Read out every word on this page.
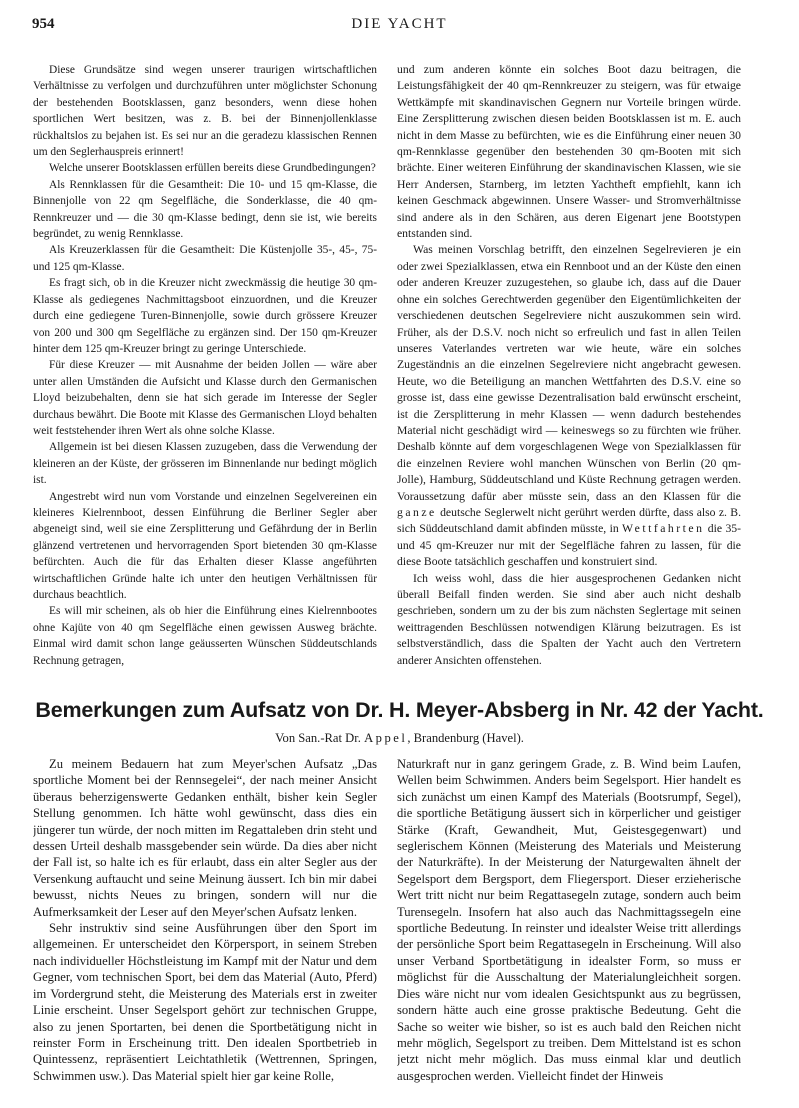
954	DIE YACHT

Diese Grundsätze sind wegen unserer traurigen wirtschaftlichen Verhältnisse zu verfolgen und durchzuführen unter möglichster Schonung der bestehenden Bootsklassen, ganz besonders, wenn diese hohen sportlichen Wert besitzen, was z. B. bei der Binnenjollenklasse rückhaltslos zu bejahen ist. Es sei nur an die geradezu klassischen Rennen um den Seglerhauspreis erinnert!

Welche unserer Bootsklassen erfüllen bereits diese Grundbedingungen?

Als Rennklassen für die Gesamtheit: Die 10- und 15 qm-Klasse, die Binnenjolle von 22 qm Segelfläche, die Sonderklasse, die 40 qm-Rennkreuzer und — die 30 qm-Klasse bedingt, denn sie ist, wie bereits begründet, zu wenig Rennklasse.

Als Kreuzerklassen für die Gesamtheit: Die Küstenjolle 35-, 45-, 75- und 125 qm-Klasse.

Es fragt sich, ob in die Kreuzer nicht zweckmässig die heutige 30 qm-Klasse als gediegenes Nachmittagsboot einzuordnen, und die Kreuzer durch eine gediegene Turen-Binnenjolle, sowie durch grössere Kreuzer von 200 und 300 qm Segelfläche zu ergänzen sind. Der 150 qm-Kreuzer hinter dem 125 qm-Kreuzer bringt zu geringe Unterschiede.

Für diese Kreuzer — mit Ausnahme der beiden Jollen — wäre aber unter allen Umständen die Aufsicht und Klasse durch den Germanischen Lloyd beizubehalten, denn sie hat sich gerade im Interesse der Segler durchaus bewährt. Die Boote mit Klasse des Germanischen Lloyd behalten weit feststehender ihren Wert als ohne solche Klasse.

Allgemein ist bei diesen Klassen zuzugeben, dass die Verwendung der kleineren an der Küste, der grösseren im Binnenlande nur bedingt möglich ist.

Angestrebt wird nun vom Vorstande und einzelnen Segelvereinen ein kleineres Kielrennboot, dessen Einführung die Berliner Segler aber abgeneigt sind, weil sie eine Zersplitterung und Gefährdung der in Berlin glänzend vertretenen und hervorragenden Sport bietenden 30 qm-Klasse befürchten. Auch die für das Erhalten dieser Klasse angeführten wirtschaftlichen Gründe halte ich unter den heutigen Verhältnissen für durchaus beachtlich.

Es will mir scheinen, als ob hier die Einführung eines Kielrennbootes ohne Kajüte von 40 qm Segelfläche einen gewissen Ausweg brächte. Einmal wird damit schon lange geäusserten Wünschen Süddeutschlands Rechnung getragen,

und zum anderen könnte ein solches Boot dazu beitragen, die Leistungsfähigkeit der 40 qm-Rennkreuzer zu steigern, was für etwaige Wettkämpfe mit skandinavischen Gegnern nur Vorteile bringen würde. Eine Zersplitterung zwischen diesen beiden Bootsklassen ist m. E. auch nicht in dem Masse zu befürchten, wie es die Einführung einer neuen 30 qm-Rennklasse gegenüber den bestehenden 30 qm-Booten mit sich brächte. Einer weiteren Einführung der skandinavischen Klassen, wie sie Herr Andersen, Starnberg, im letzten Yachtheft empfiehlt, kann ich keinen Geschmack abgewinnen. Unsere Wasser- und Stromverhältnisse sind andere als in den Schären, aus deren Eigenart jene Bootstypen entstanden sind.

Was meinen Vorschlag betrifft, den einzelnen Segelrevieren je ein oder zwei Spezialklassen, etwa ein Rennboot und an der Küste den einen oder anderen Kreuzer zuzugestehen, so glaube ich, dass auf die Dauer ohne ein solches Gerechtwerden gegenüber den Eigentümlichkeiten der verschiedenen deutschen Segelreviere nicht auszukommen sein wird. Früher, als der D.S.V. noch nicht so erfreulich und fast in allen Teilen unseres Vaterlandes vertreten war wie heute, wäre ein solches Zugeständnis an die einzelnen Segelreviere nicht angebracht gewesen. Heute, wo die Beteiligung an manchen Wettfahrten des D.S.V. eine so grosse ist, dass eine gewisse Dezentralisation bald erwünscht erscheint, ist die Zersplitterung in mehr Klassen — wenn dadurch bestehendes Material nicht geschädigt wird — keineswegs so zu fürchten wie früher. Deshalb könnte auf dem vorgeschlagenen Wege von Spezialklassen für die einzelnen Reviere wohl manchen Wünschen von Berlin (20 qm-Jolle), Hamburg, Süddeutschland und Küste Rechnung getragen werden. Voraussetzung dafür aber müsste sein, dass an den Klassen für die ganze deutsche Seglerwelt nicht gerührt werden dürfte, dass also z. B. sich Süddeutschland damit abfinden müsste, in Wettfahrten die 35- und 45 qm-Kreuzer nur mit der Segelfläche fahren zu lassen, für die diese Boote tatsächlich geschaffen und konstruiert sind.

Ich weiss wohl, dass die hier ausgesprochenen Gedanken nicht überall Beifall finden werden. Sie sind aber auch nicht deshalb geschrieben, sondern um zu der bis zum nächsten Seglertage mit seinen weittragenden Beschlüssen notwendigen Klärung beizutragen. Es ist selbstverständlich, dass die Spalten der Yacht auch den Vertretern anderer Ansichten offenstehen.

Bemerkungen zum Aufsatz von Dr. H. Meyer-Absberg in Nr. 42 der Yacht.
Von San.-Rat Dr. Appel, Brandenburg (Havel).

Zu meinem Bedauern hat zum Meyer'schen Aufsatz „Das sportliche Moment bei der Rennsegelei“, der nach meiner Ansicht überaus beherzigenswerte Gedanken enthält, bisher kein Segler Stellung genommen. Ich hätte wohl gewünscht, dass dies ein jüngerer tun würde, der noch mitten im Regattaleben drin steht und dessen Urteil deshalb massgebender sein würde. Da dies aber nicht der Fall ist, so halte ich es für erlaubt, dass ein alter Segler aus der Versenkung auftaucht und seine Meinung äussert. Ich bin mir dabei bewusst, nichts Neues zu bringen, sondern will nur die Aufmerksamkeit der Leser auf den Meyer'schen Aufsatz lenken.

Sehr instruktiv sind seine Ausführungen über den Sport im allgemeinen. Er unterscheidet den Körpersport, in seinem Streben nach individueller Höchstleistung im Kampf mit der Natur und dem Gegner, vom technischen Sport, bei dem das Material (Auto, Pferd) im Vordergrund steht, die Meisterung des Materials erst in zweiter Linie erscheint. Unser Segelsport gehört zur technischen Gruppe, also zu jenen Sportarten, bei denen die Sportbetätigung nicht in reinster Form in Erscheinung tritt. Den idealen Sportbetrieb in Quintessenz, repräsentiert Leichtathletik (Wettrennen, Springen, Schwimmen usw.). Das Material spielt hier gar keine Rolle,

Naturkraft nur in ganz geringem Grade, z. B. Wind beim Laufen, Wellen beim Schwimmen. Anders beim Segelsport. Hier handelt es sich zunächst um einen Kampf des Materials (Bootsrumpf, Segel), die sportliche Betätigung äussert sich in körperlicher und geistiger Stärke (Kraft, Gewandheit, Mut, Geistesgegenwart) und seglerischem Können (Meisterung des Materials und Meisterung der Naturkräfte). In der Meisterung der Naturgewalten ähnelt der Segelsport dem Bergsport, dem Fliegersport. Dieser erzieherische Wert tritt nicht nur beim Regattasegeln zutage, sondern auch beim Turensegeln. Insofern hat also auch das Nachmittagssegeln eine sportliche Bedeutung. In reinster und idealster Weise tritt allerdings der persönliche Sport beim Regattasegeln in Erscheinung. Will also unser Verband Sportbetätigung in idealster Form, so muss er möglichst für die Ausschaltung der Materialungleichheit sorgen. Dies wäre nicht nur vom idealen Gesichtspunkt aus zu begrüssen, sondern hätte auch eine grosse praktische Bedeutung. Geht die Sache so weiter wie bisher, so ist es auch bald den Reichen nicht mehr möglich, Segelsport zu treiben. Dem Mittelstand ist es schon jetzt nicht mehr möglich. Das muss einmal klar und deutlich ausgesprochen werden. Vielleicht findet der Hinweis
